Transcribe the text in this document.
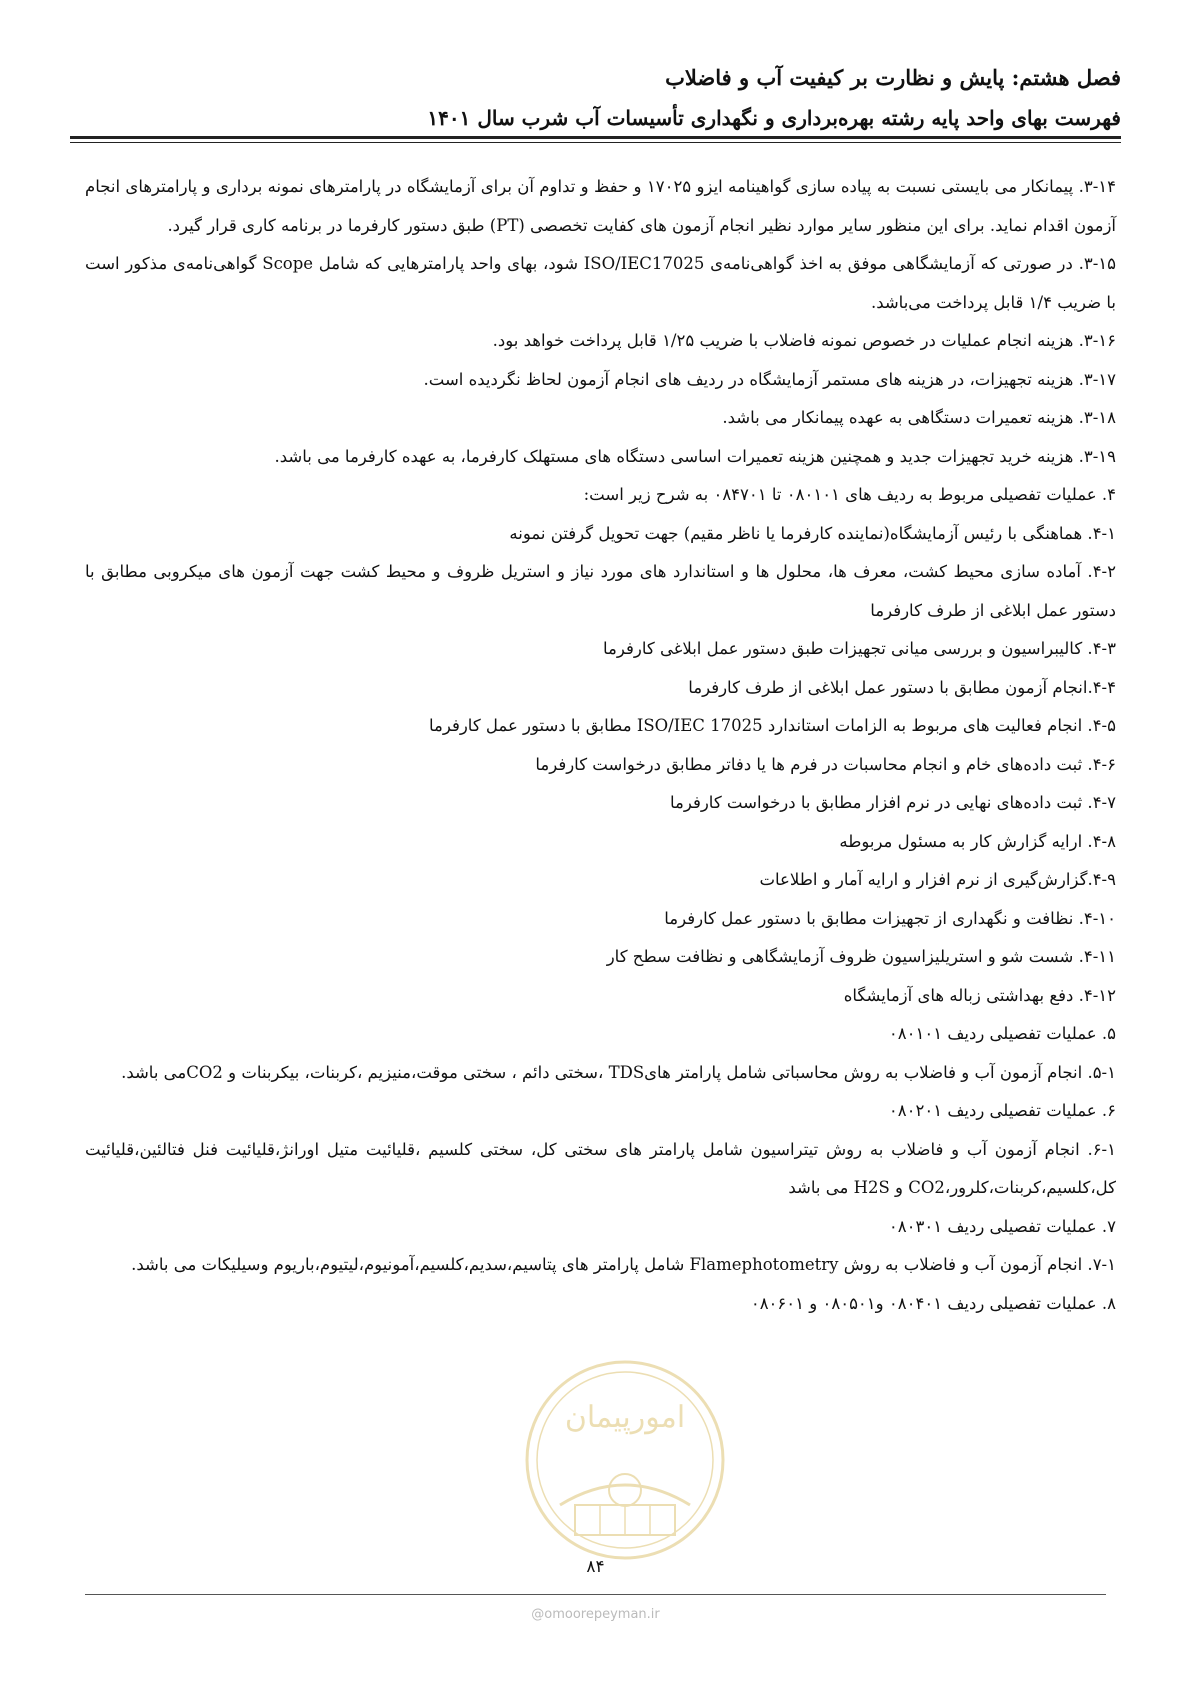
فصل هشتم: پایش و نظارت بر کیفیت آب و فاضلاب
فهرست بهای واحد پایه رشته بهره‌برداری و نگهداری تأسیسات آب شرب سال ۱۴۰۱

۳-۱۴. پیمانکار می بایستی نسبت به پیاده سازی گواهینامه ایزو ۱۷۰۲۵ و حفظ و تداوم آن برای آزمایشگاه در پارامترهای نمونه برداری و پارامترهای انجام آزمون اقدام نماید. برای این منظور سایر موارد نظیر انجام آزمون های کفایت تخصصی (PT) طبق دستور کارفرما در برنامه کاری قرار گیرد.

۳-۱۵. در صورتی که آزمایشگاهی موفق به اخذ گواهی‌نامه‌ی ISO/IEC17025 شود، بهای واحد پارامترهایی که شامل Scope گواهی‌نامه‌ی مذکور است با ضریب ۱/۴ قابل پرداخت می‌باشد.

۳-۱۶. هزینه انجام عملیات در خصوص نمونه فاضلاب با ضریب ۱/۲۵ قابل پرداخت خواهد بود.

۳-۱۷. هزینه تجهیزات، در هزینه های مستمر آزمایشگاه در ردیف های انجام آزمون لحاظ نگردیده است.

۳-۱۸. هزینه تعمیرات دستگاهی به عهده پیمانکار می باشد.

۳-۱۹. هزینه خرید تجهیزات جدید و همچنین هزینه تعمیرات اساسی دستگاه های مستهلک کارفرما، به عهده کارفرما می باشد.

۴. عملیات تفصیلی مربوط به ردیف های ۰۸۰۱۰۱ تا ۰۸۴۷۰۱ به شرح زیر است:

۴-۱. هماهنگی با رئیس آزمایشگاه(نماینده کارفرما یا ناظر مقیم) جهت تحویل گرفتن نمونه

۴-۲. آماده سازی محیط کشت، معرف ها، محلول ها و استاندارد های مورد نیاز و استریل ظروف و محیط کشت جهت آزمون های میکروبی مطابق با دستور عمل ابلاغی از طرف کارفرما

۴-۳. کالیبراسیون و بررسی میانی تجهیزات طبق دستور عمل ابلاغی کارفرما

۴-۴.انجام آزمون مطابق با دستور عمل ابلاغی از طرف کارفرما

۴-۵. انجام فعالیت های مربوط به الزامات استاندارد ISO/IEC 17025 مطابق با دستور عمل کارفرما

۴-۶. ثبت داده‌های خام و انجام محاسبات در فرم ها یا دفاتر مطابق درخواست کارفرما

۴-۷. ثبت داده‌های نهایی در نرم افزار مطابق با درخواست کارفرما

۴-۸. ارایه گزارش کار به مسئول مربوطه

۴-۹.گزارش‌گیری از نرم افزار و ارایه آمار و اطلاعات

۴-۱۰. نظافت و نگهداری از تجهیزات مطابق با دستور عمل کارفرما

۴-۱۱. شست شو و استریلیزاسیون ظروف آزمایشگاهی و نظافت سطح کار

۴-۱۲. دفع بهداشتی زباله های آزمایشگاه

۵. عملیات تفصیلی ردیف ۰۸۰۱۰۱

۵-۱. انجام آزمون آب و فاضلاب به روش محاسباتی شامل پارامتر هایTDS ،سختی دائم ، سختی موقت،منیزیم ،کربنات، بیکربنات و CO2می باشد.

۶. عملیات تفصیلی ردیف ۰۸۰۲۰۱

۶-۱. انجام آزمون آب و فاضلاب به روش تیتراسیون شامل پارامتر های سختی کل، سختی کلسیم ،قلیائیت متیل اورانژ،قلیائیت فنل فتالئین،قلیائیت کل،کلسیم،کربنات،کلرور،CO2 و H2S می باشد

۷. عملیات تفصیلی ردیف ۰۸۰۳۰۱

۷-۱. انجام آزمون آب و فاضلاب به روش Flamephotometry شامل پارامتر های پتاسیم،سدیم،کلسیم،آمونیوم،لیتیوم،باریوم وسیلیکات می باشد.

۸. عملیات تفصیلی ردیف ۰۸۰۴۰۱ و۰۸۰۵۰۱ و ۰۸۰۶۰۱

امورپیمان
۸۴
@omoorepeyman.ir
